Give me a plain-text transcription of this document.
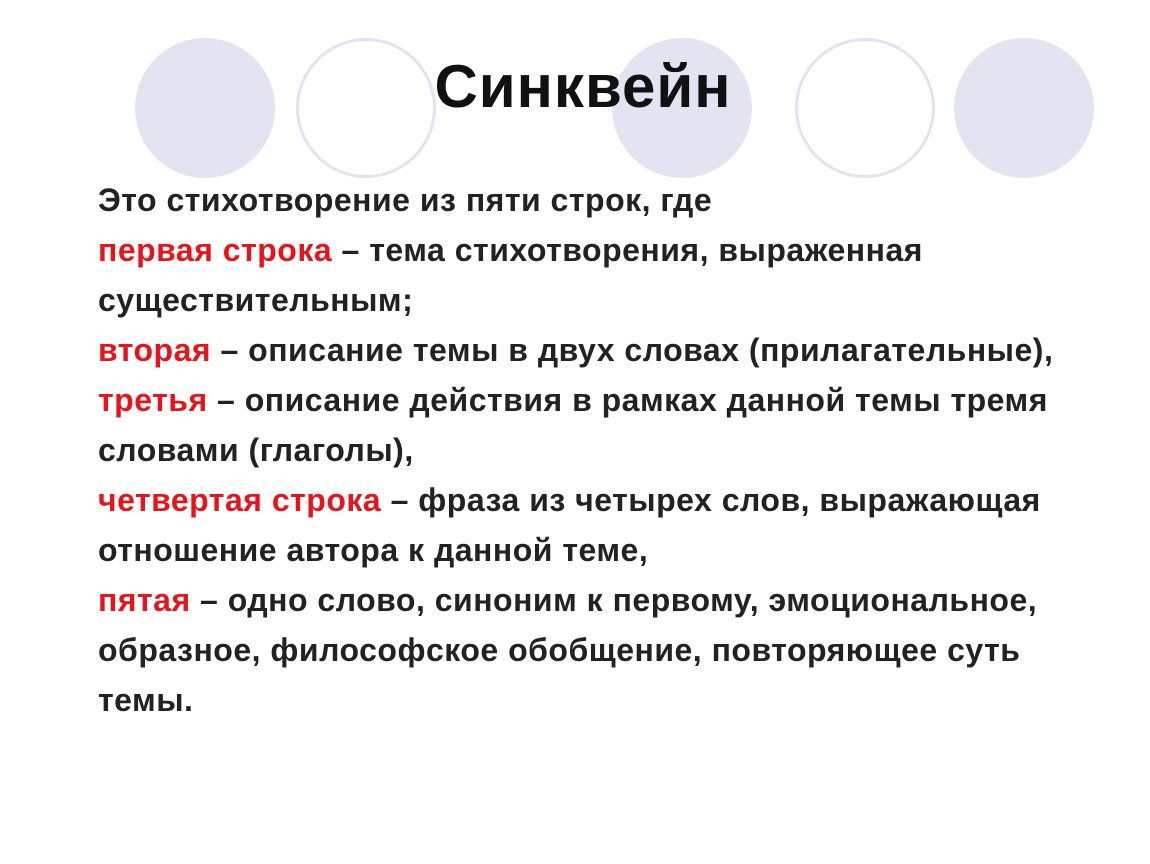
Синквейн

Это стихотворение из пяти строк, где

первая строка – тема стихотворения, выраженная существительным;

вторая – описание темы в двух словах (прилагательные),

третья – описание действия в рамках данной темы тремя словами (глаголы),

четвертая строка – фраза из четырех слов, выражающая отношение автора к данной теме,

пятая – одно слово, синоним к первому, эмоциональное, образное, философское обобщение, повторяющее суть темы.
